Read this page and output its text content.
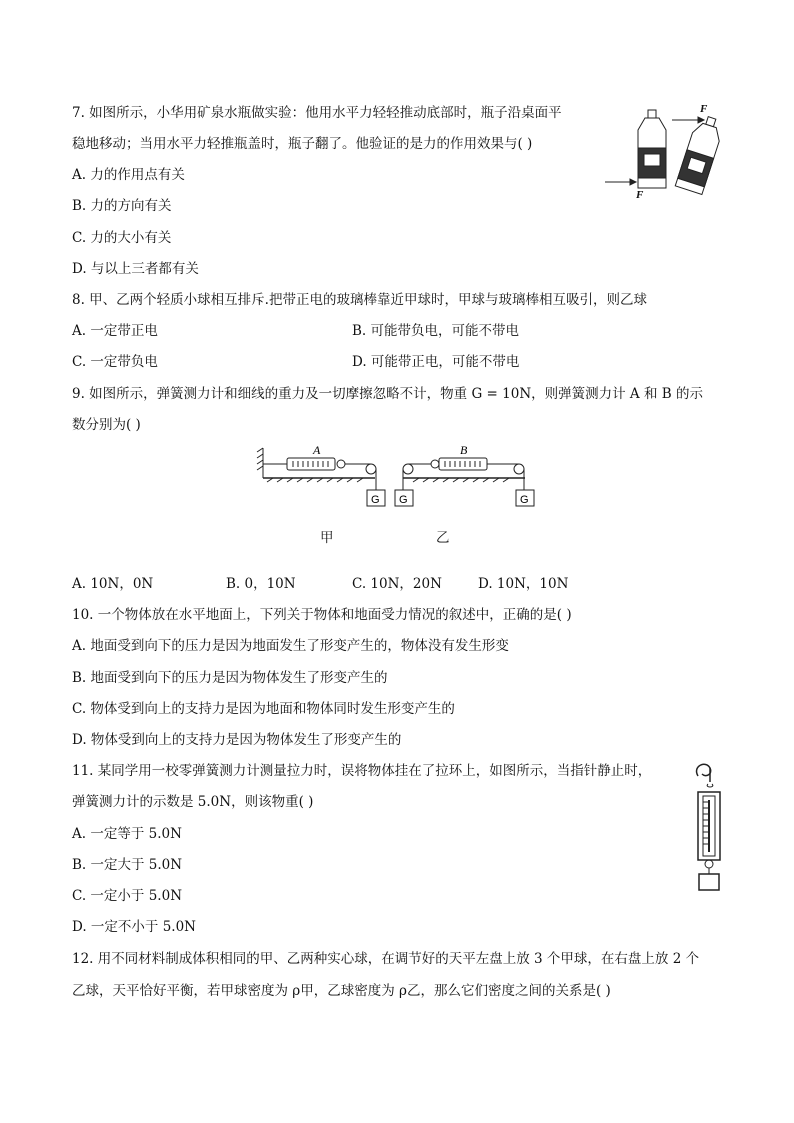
7. 如图所示，小华用矿泉水瓶做实验：他用水平力轻轻推动底部时，瓶子沿桌面平
稳地移动；当用水平力轻推瓶盖时，瓶子翻了。他验证的是力的作用效果与( )
A. 力的作用点有关
B. 力的方向有关
C. 力的大小有关
D. 与以上三者都有关
F
F
8. 甲、乙两个轻质小球相互排斥.把带正电的玻璃棒靠近甲球时，甲球与玻璃棒相互吸引，则乙球
A. 一定带正电	B. 可能带负电，可能不带电
C. 一定带负电	D. 可能带正电，可能不带电
9. 如图所示，弹簧测力计和细线的重力及一切摩擦忽略不计，物重 G = 10N，则弹簧测力计 A 和 B 的示
数分别为( )
A	B
G G	G
甲	乙
A. 10N，0N	B. 0，10N	C. 10N，20N	D. 10N，10N
10. 一个物体放在水平地面上，下列关于物体和地面受力情况的叙述中，正确的是( )
A. 地面受到向下的压力是因为地面发生了形变产生的，物体没有发生形变
B. 地面受到向下的压力是因为物体发生了形变产生的
C. 物体受到向上的支持力是因为地面和物体同时发生形变产生的
D. 物体受到向上的支持力是因为物体发生了形变产生的
11. 某同学用一校零弹簧测力计测量拉力时，误将物体挂在了拉环上，如图所示，当指针静止时，
弹簧测力计的示数是 5.0N，则该物重( )
A. 一定等于 5.0N
B. 一定大于 5.0N
C. 一定小于 5.0N
D. 一定不小于 5.0N
12. 用不同材料制成体积相同的甲、乙两种实心球，在调节好的天平左盘上放 3 个甲球，在右盘上放 2 个
乙球，天平恰好平衡，若甲球密度为 ρ甲，乙球密度为 ρ乙，那么它们密度之间的关系是( )
